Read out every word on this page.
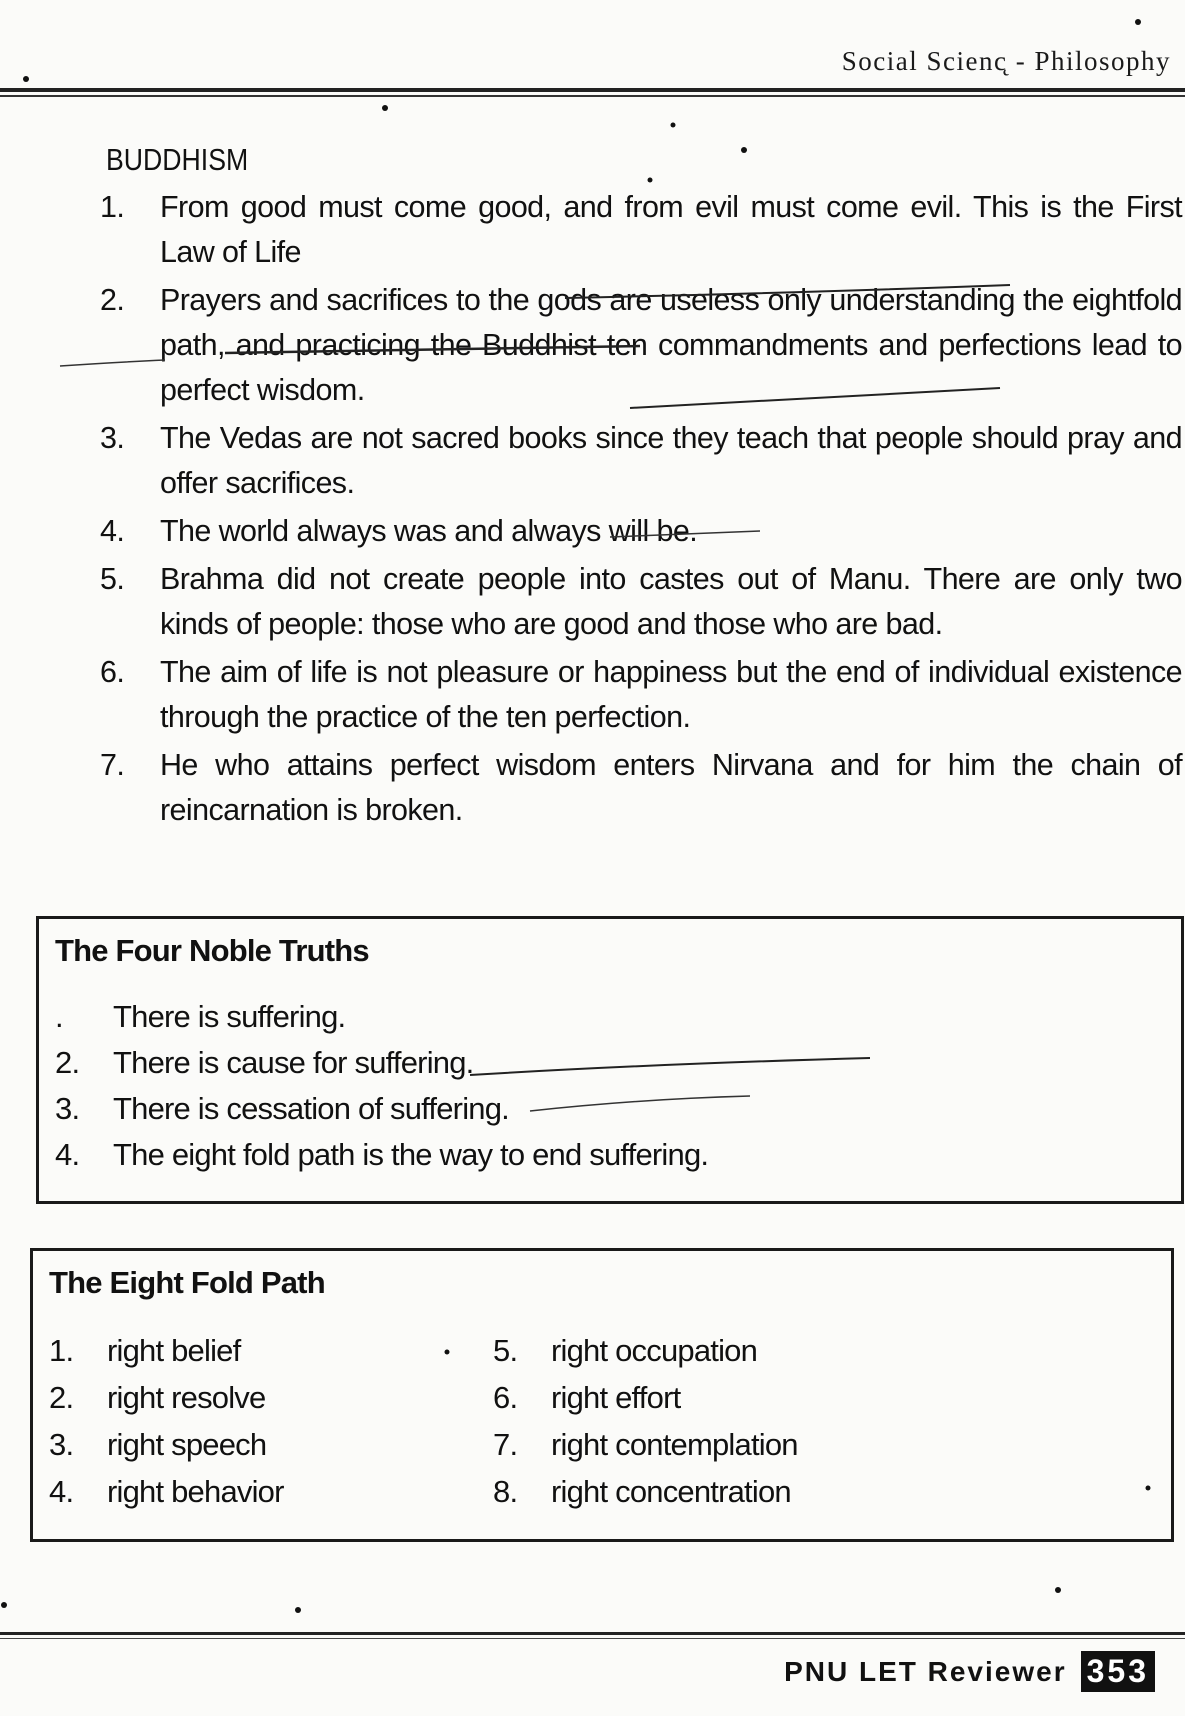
Social Scienc̨ - Philosophy
BUDDHISM
1. From good must come good, and from evil must come evil. This is the First Law of Life
2. Prayers and sacrifices to the gods are useless only understanding the eightfold path, and practicing the Buddhist ten commandments and perfections lead to perfect wisdom.
3. The Vedas are not sacred books since they teach that people should pray and offer sacrifices.
4. The world always was and always will be.
5. Brahma did not create people into castes out of Manu. There are only two kinds of people: those who are good and those who are bad.
6. The aim of life is not pleasure or happiness but the end of individual existence through the practice of the ten perfection.
7. He who attains perfect wisdom enters Nirvana and for him the chain of reincarnation is broken.
The Four Noble Truths
. There is suffering.
2. There is cause for suffering.
3. There is cessation of suffering.
4. The eight fold path is the way to end suffering.
The Eight Fold Path
1. right belief
2. right resolve
3. right speech
4. right behavior
5. right occupation
6. right effort
7. right contemplation
8. right concentration
PNU LET Reviewer 353
